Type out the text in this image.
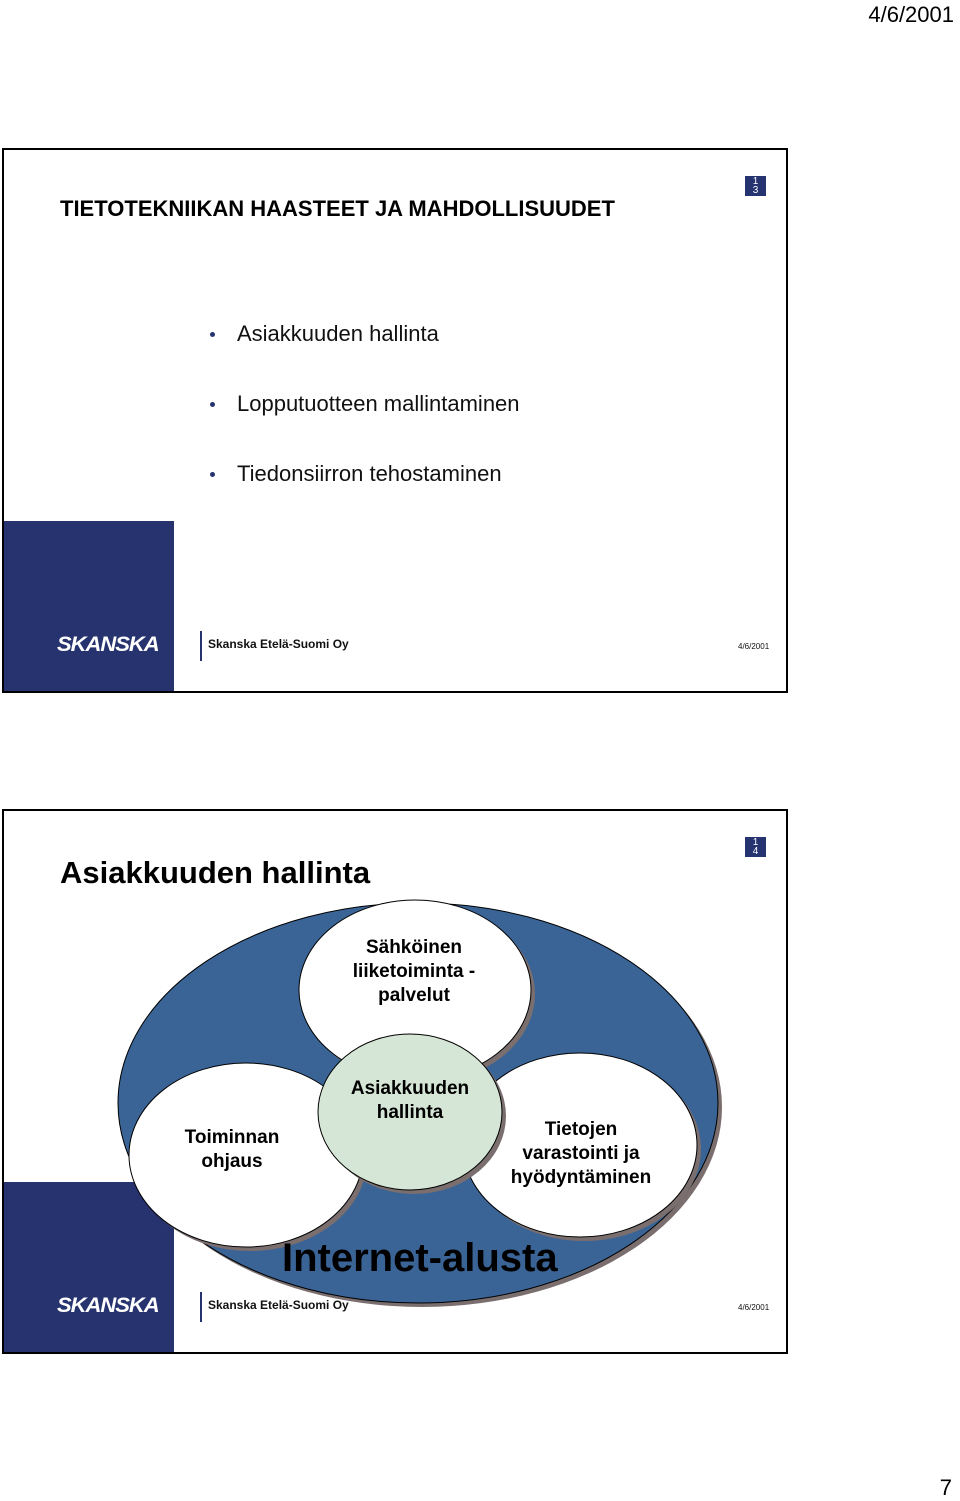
4/6/2001
TIETOTEKNIIKAN HAASTEET JA MAHDOLLISUUDET
1
3
Asiakkuuden hallinta
Lopputuotteen mallintaminen
Tiedonsiirron tehostaminen
SKANSKA	Skanska Etelä-Suomi Oy	4/6/2001
SKANSKA
Sähköinen liiketoiminta -palvelut
Toiminnan ohjaus
Asiakkuuden hallinta
Tietojen varastointi ja hyödyntäminen
Internet-alusta
Asiakkuuden hallinta
1
4
Skanska Etelä-Suomi Oy	4/6/2001
7
